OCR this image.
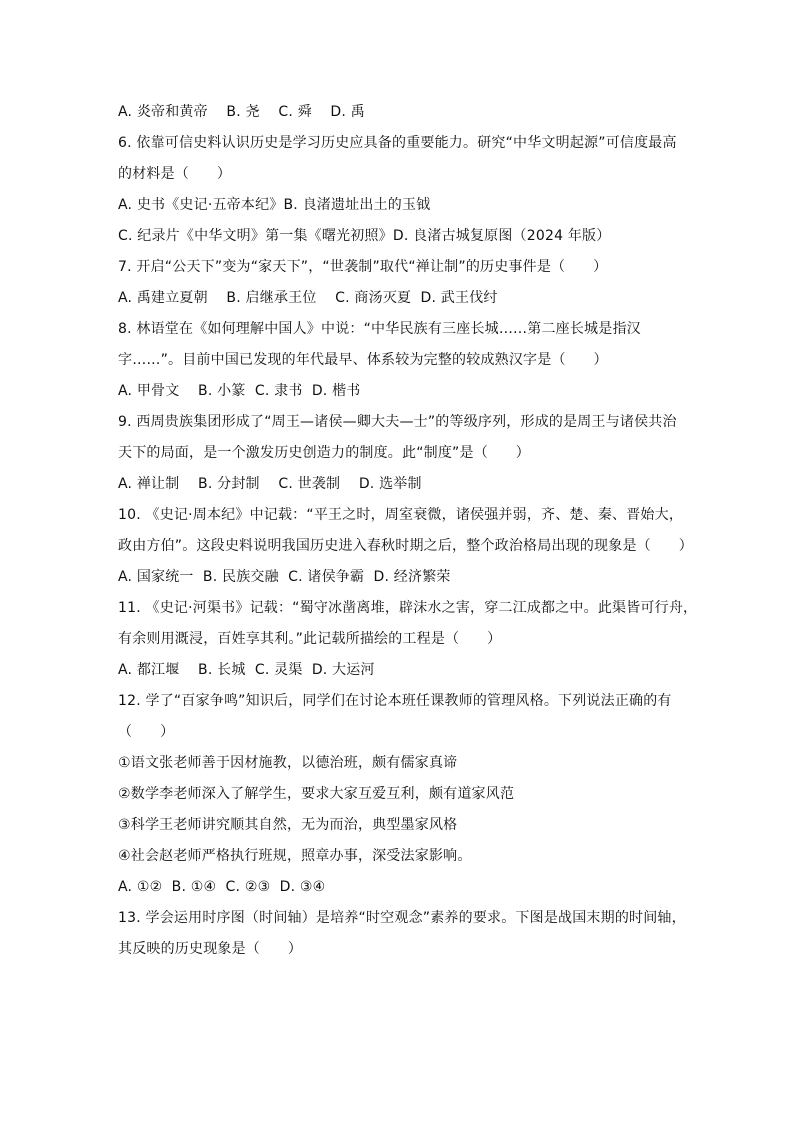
A. 炎帝和黄帝    B. 尧    C. 舜    D. 禹
6. 依靠可信史料认识历史是学习历史应具备的重要能力。研究“中华文明起源”可信度最高
的材料是（      ）
A. 史书《史记·五帝本纪》B. 良渚遗址出土的玉钺
C. 纪录片《中华文明》第一集《曙光初照》D. 良渚古城复原图（2024 年版）
7. 开启“公天下”变为“家天下”，“世袭制”取代“禅让制”的历史事件是（      ）
A. 禹建立夏朝    B. 启继承王位    C. 商汤灭夏  D. 武王伐纣
8. 林语堂在《如何理解中国人》中说：“中华民族有三座长城……第二座长城是指汉
字……”。目前中国已发现的年代最早、体系较为完整的较成熟汉字是（      ）
A. 甲骨文    B. 小篆  C. 隶书  D. 楷书
9. 西周贵族集团形成了“周王—诸侯—卿大夫—士”的等级序列，形成的是周王与诸侯共治
天下的局面，是一个激发历史创造力的制度。此“制度”是（      ）
A. 禅让制    B. 分封制    C. 世袭制    D. 选举制
10. 《史记·周本纪》中记载：“平王之时，周室衰微，诸侯强并弱，齐、楚、秦、晋始大，
政由方伯”。这段史料说明我国历史进入春秋时期之后，整个政治格局出现的现象是（      ）
A. 国家统一  B. 民族交融  C. 诸侯争霸  D. 经济繁荣
11. 《史记·河渠书》记载：“蜀守冰凿离堆，辟沫水之害，穿二江成都之中。此渠皆可行舟，
有余则用溉浸，百姓享其利。”此记载所描绘的工程是（      ）
A. 都江堰    B. 长城  C. 灵渠  D. 大运河
12. 学了“百家争鸣”知识后，同学们在讨论本班任课教师的管理风格。下列说法正确的有
（      ）
①语文张老师善于因材施教，以德治班，颇有儒家真谛
②数学李老师深入了解学生，要求大家互爱互利，颇有道家风范
③科学王老师讲究顺其自然，无为而治，典型墨家风格
④社会赵老师严格执行班规，照章办事，深受法家影响。
A. ①②  B. ①④  C. ②③  D. ③④
13. 学会运用时序图（时间轴）是培养“时空观念”素养的要求。下图是战国末期的时间轴，
其反映的历史现象是（      ）
